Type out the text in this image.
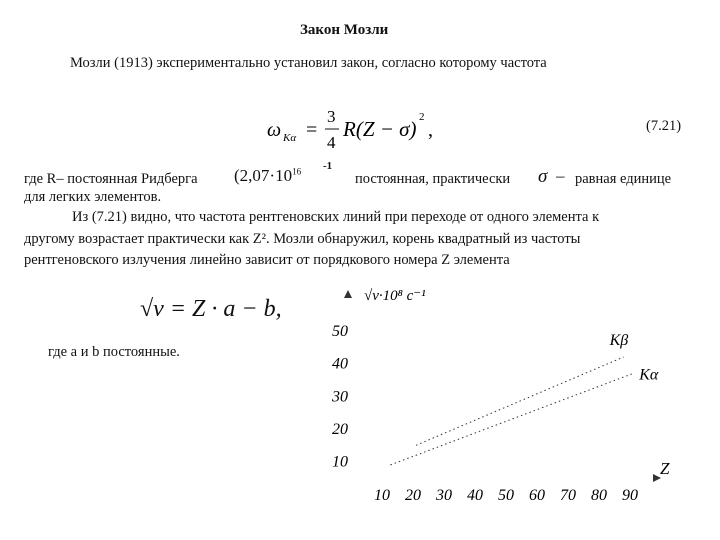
Закон Мозли
Мозли (1913) экспериментально установил закон, согласно которому частота
ω Kα =
3
4
R(Z − σ) 2
,	(7.21)
где R– постоянная Ридберга ($2,07\cdot 10^{16}$ -1
постоянная, практически σ – равная единице
для легких элементов.
Из (7.21) видно, что частота рентгеновских линий при переходе от одного элемента к
другому возрастает практически как Z². Мозли обнаружил, корень квадратный из частоты
рентгеновского излучения линейно зависит от порядкового номера Z элемента
√ν = Z · a − b,
где a и b постоянные.
√ν·10⁸ с⁻¹
10
20
30
40
50
10 20 30 40 50 60 70 80 90
Z
Kβ
Kα
